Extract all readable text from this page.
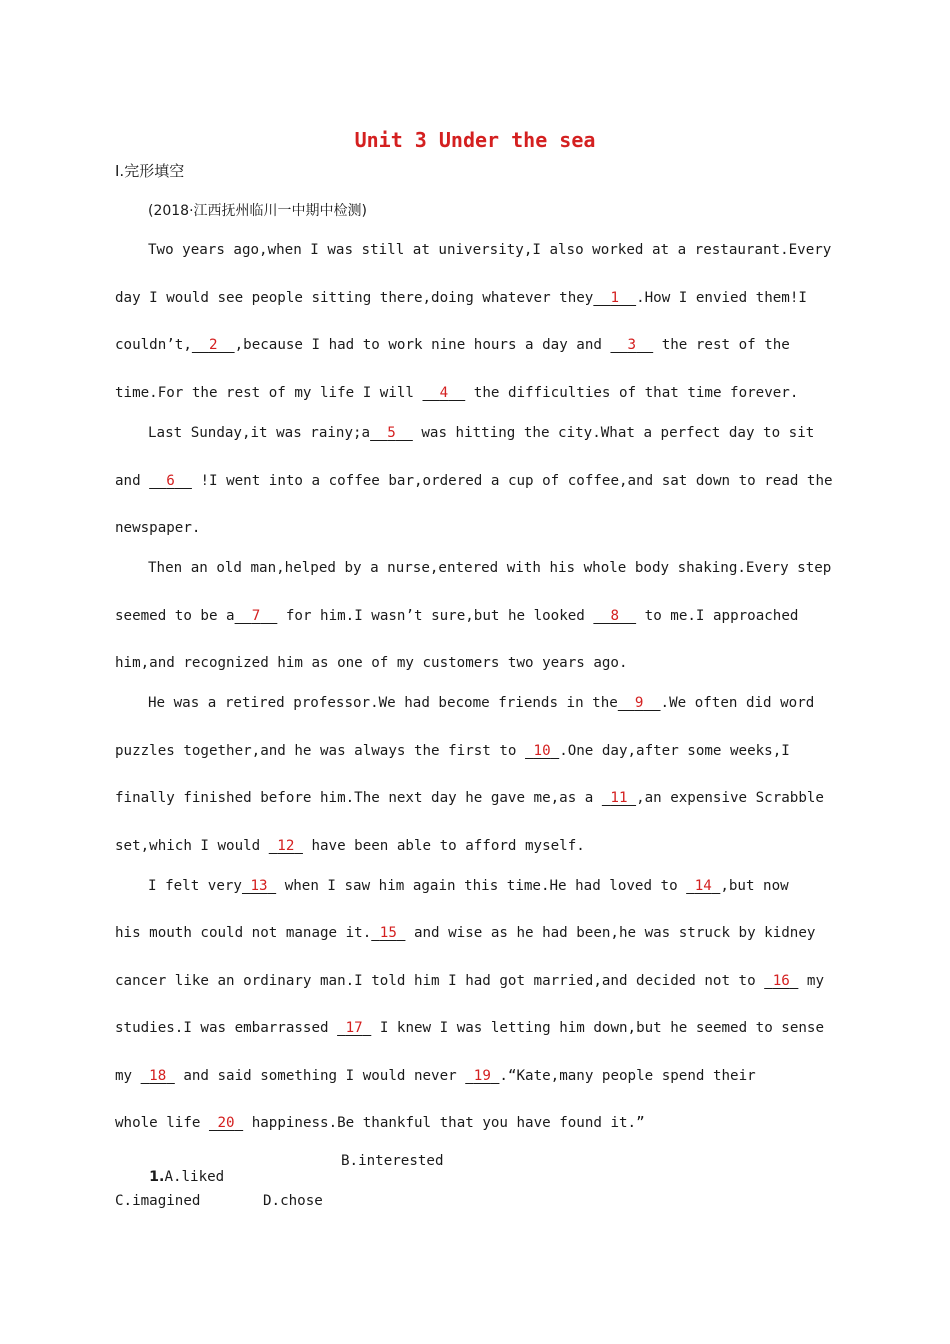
Unit 3 Under the sea
Ⅰ.完形填空
(2018·江西抚州临川一中期中检测)
Two years ago,when I was still at university,I also worked at a restaurant.Every
day I would see people sitting there,doing whatever they 1 .How I envied them!I
couldn’t, 2 ,because I had to work nine hours a day and   3   the rest of the
time.For the rest of my life I will   4   the difficulties of that time forever.
Last Sunday,it was rainy;a 5   was hitting the city.What a perfect day to sit
and   6   !I went into a coffee bar,ordered a cup of coffee,and sat down to read the
newspaper.
Then an old man,helped by a nurse,entered with his whole body shaking.Every step
seemed to be a 7   for him.I wasn’t sure,but he looked   8   to me.I approached
him,and recognized him as one of my customers two years ago.
He was a retired professor.We had become friends in the 9 .We often did word
puzzles together,and he was always the first to  10 .One day,after some weeks,I
finally finished before him.The next day he gave me,as a  11 ,an expensive Scrabble
set,which I would  12  have been able to afford myself.
I felt very 13  when I saw him again this time.He had loved to  14 ,but now
his mouth could not manage it. 15  and wise as he had been,he was struck by kidney
cancer like an ordinary man.I told him I had got married,and decided not to  16  my
studies.I was embarrassed  17  I knew I was letting him down,but he seemed to sense
my  18  and said something I would never  19 .“Kate,many people spend their
whole life  20  happiness.Be thankful that you have found it.”

1.A.liked

B.interested
C.imagined	D.chose
